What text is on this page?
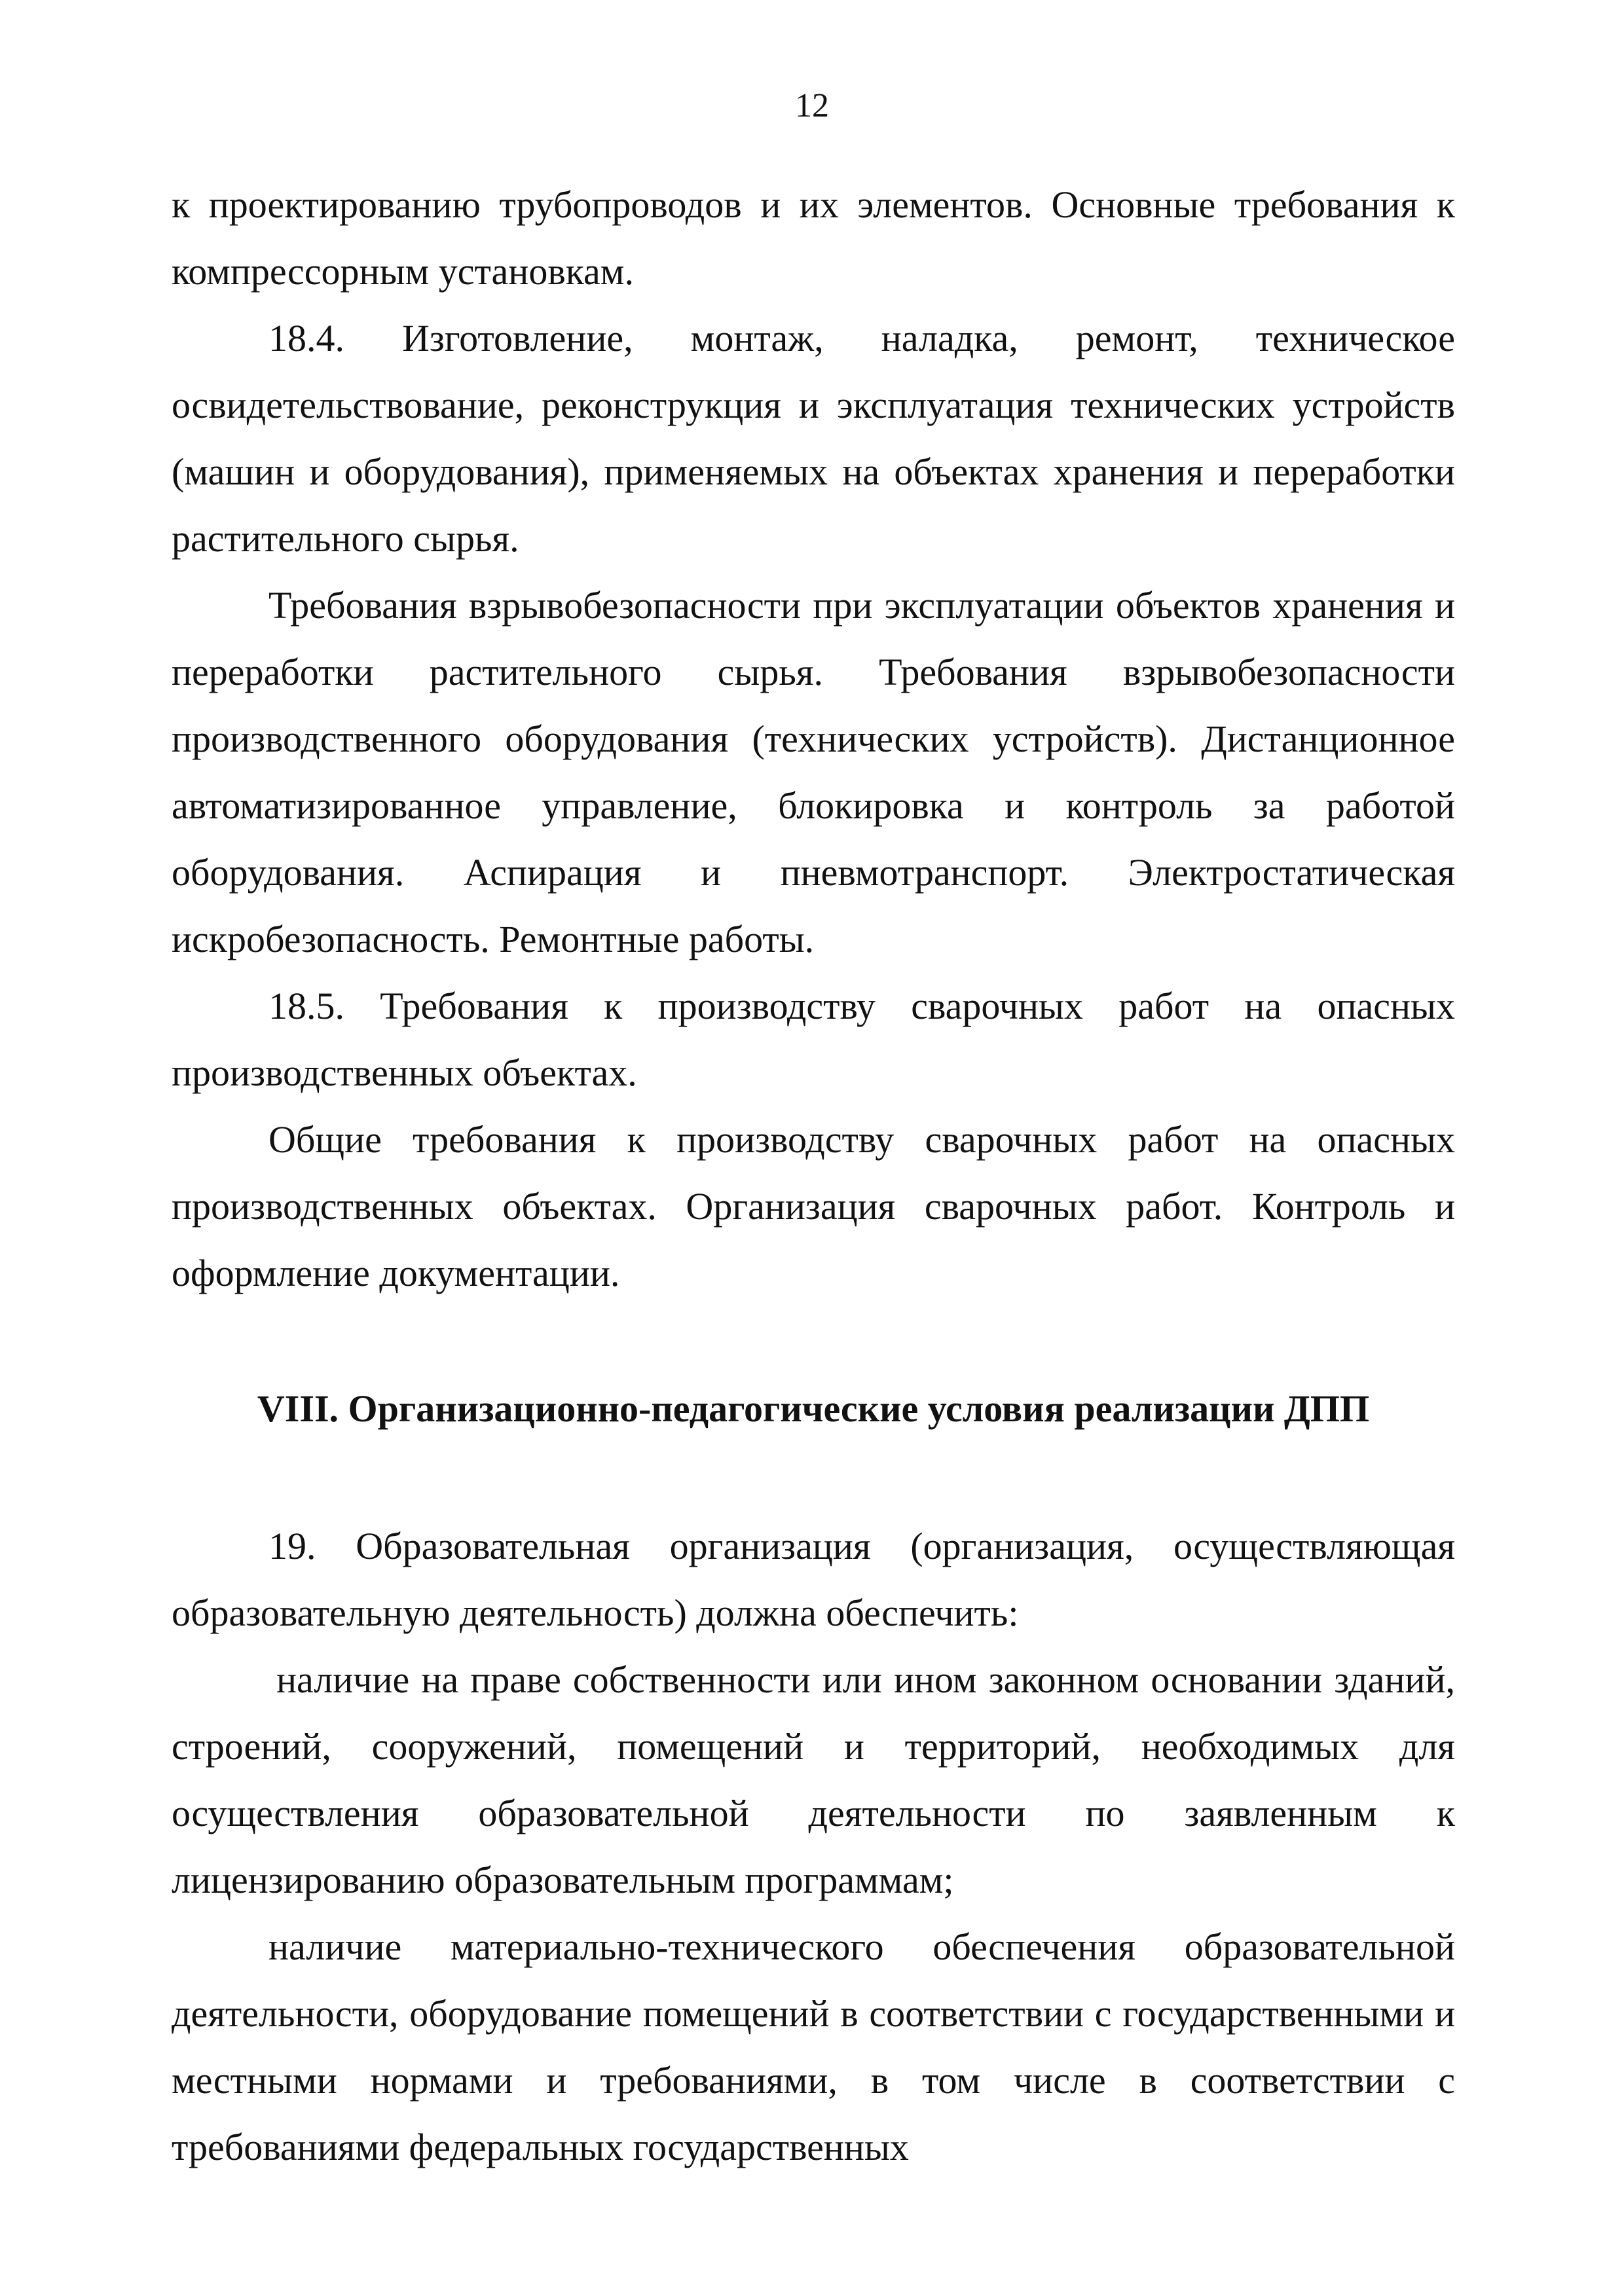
12

к проектированию трубопроводов и их элементов. Основные требования к компрессорным установкам.

18.4. Изготовление, монтаж, наладка, ремонт, техническое освидетельствование, реконструкция и эксплуатация технических устройств (машин и оборудования), применяемых на объектах хранения и переработки растительного сырья.

Требования взрывобезопасности при эксплуатации объектов хранения и переработки растительного сырья. Требования взрывобезопасности производственного оборудования (технических устройств). Дистанционное автоматизированное управление, блокировка и контроль за работой оборудования. Аспирация и пневмотранспорт. Электростатическая искробезопасность. Ремонтные работы.

18.5. Требования к производству сварочных работ на опасных производственных объектах.

Общие требования к производству сварочных работ на опасных производственных объектах. Организация сварочных работ. Контроль и оформление документации.

VIII. Организационно-педагогические условия реализации ДПП

19. Образовательная организация (организация, осуществляющая образовательную деятельность) должна обеспечить:

наличие на праве собственности или ином законном основании зданий, строений, сооружений, помещений и территорий, необходимых для осуществления образовательной деятельности по заявленным к лицензированию образовательным программам;

наличие материально-технического обеспечения образовательной деятельности, оборудование помещений в соответствии с государственными и местными нормами и требованиями, в том числе в соответствии с требованиями федеральных государственных
